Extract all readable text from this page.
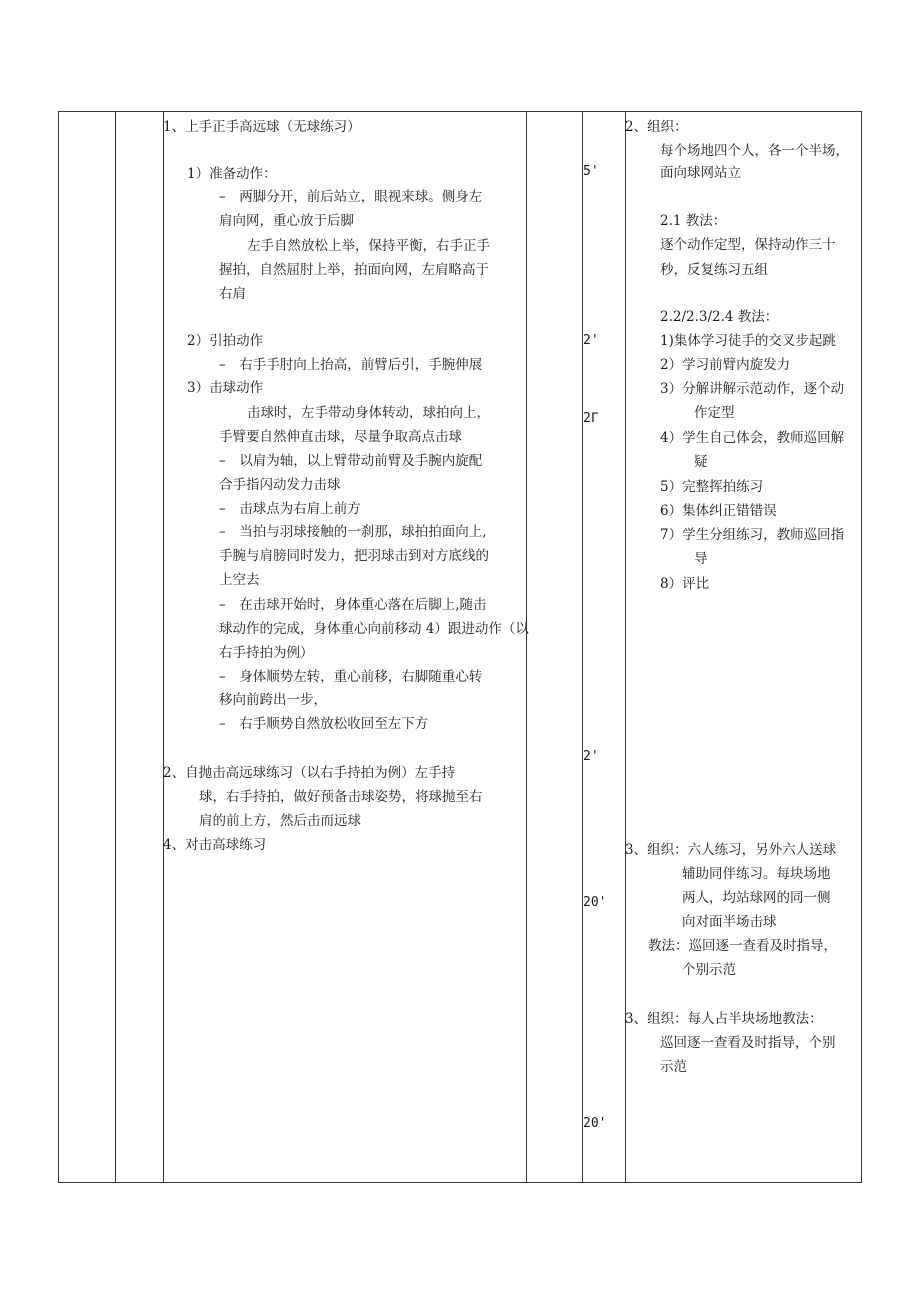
1、上手正手高远球（无球练习）
1）准备动作：
–　两脚分开，前后站立，眼视来球。侧身左
肩向网，重心放于后脚
左手自然放松上举，保持平衡，右手正手
握拍，自然屈肘上举，拍面向网，左肩略高于
右肩
2）引拍动作
–　右手手肘向上抬高，前臂后引，手腕伸展
3）击球动作
击球时，左手带动身体转动，球拍向上，
手臂要自然伸直击球，尽量争取高点击球
–　以肩为轴，以上臂带动前臂及手腕内旋配
合手指闪动发力击球
–　击球点为右肩上前方
–　当拍与羽球接触的一刹那，球拍拍面向上,
手腕与肩膀同时发力，把羽球击到对方底线的
上空去
–　在击球开始时，身体重心落在后脚上,随击
球动作的完成，身体重心向前移动 4）跟进动作（以
右手持拍为例）
–　身体顺势左转，重心前移，右脚随重心转
移向前跨出一步，
–　右手顺势自然放松收回至左下方
2、自抛击高远球练习（以右手持拍为例）左手持
球，右手持拍，做好预备击球姿势，将球抛至右
肩的前上方，然后击而远球
4、对击高球练习
5'
2'
2Γ
2'
20'
20'
2、组织：
每个场地四个人，各一个半场，
面向球网站立
2.1 教法：
逐个动作定型，保持动作三十
秒，反复练习五组
2.2/2.3/2.4 教法：
1)集体学习徒手的交叉步起跳
2）学习前臂内旋发力
3）分解讲解示范动作，逐个动
作定型
4）学生自己体会，教师巡回解
疑
5）完整挥拍练习
6）集体纠正错错误
7）学生分组练习，教师巡回指
导
8）评比
3、组织：六人练习，另外六人送球
辅助同伴练习。每块场地
两人，均站球网的同一侧
向对面半场击球
教法：巡回逐一查看及时指导，
个别示范
3、组织：每人占半块场地教法：
巡回逐一查看及时指导，个别
示范
